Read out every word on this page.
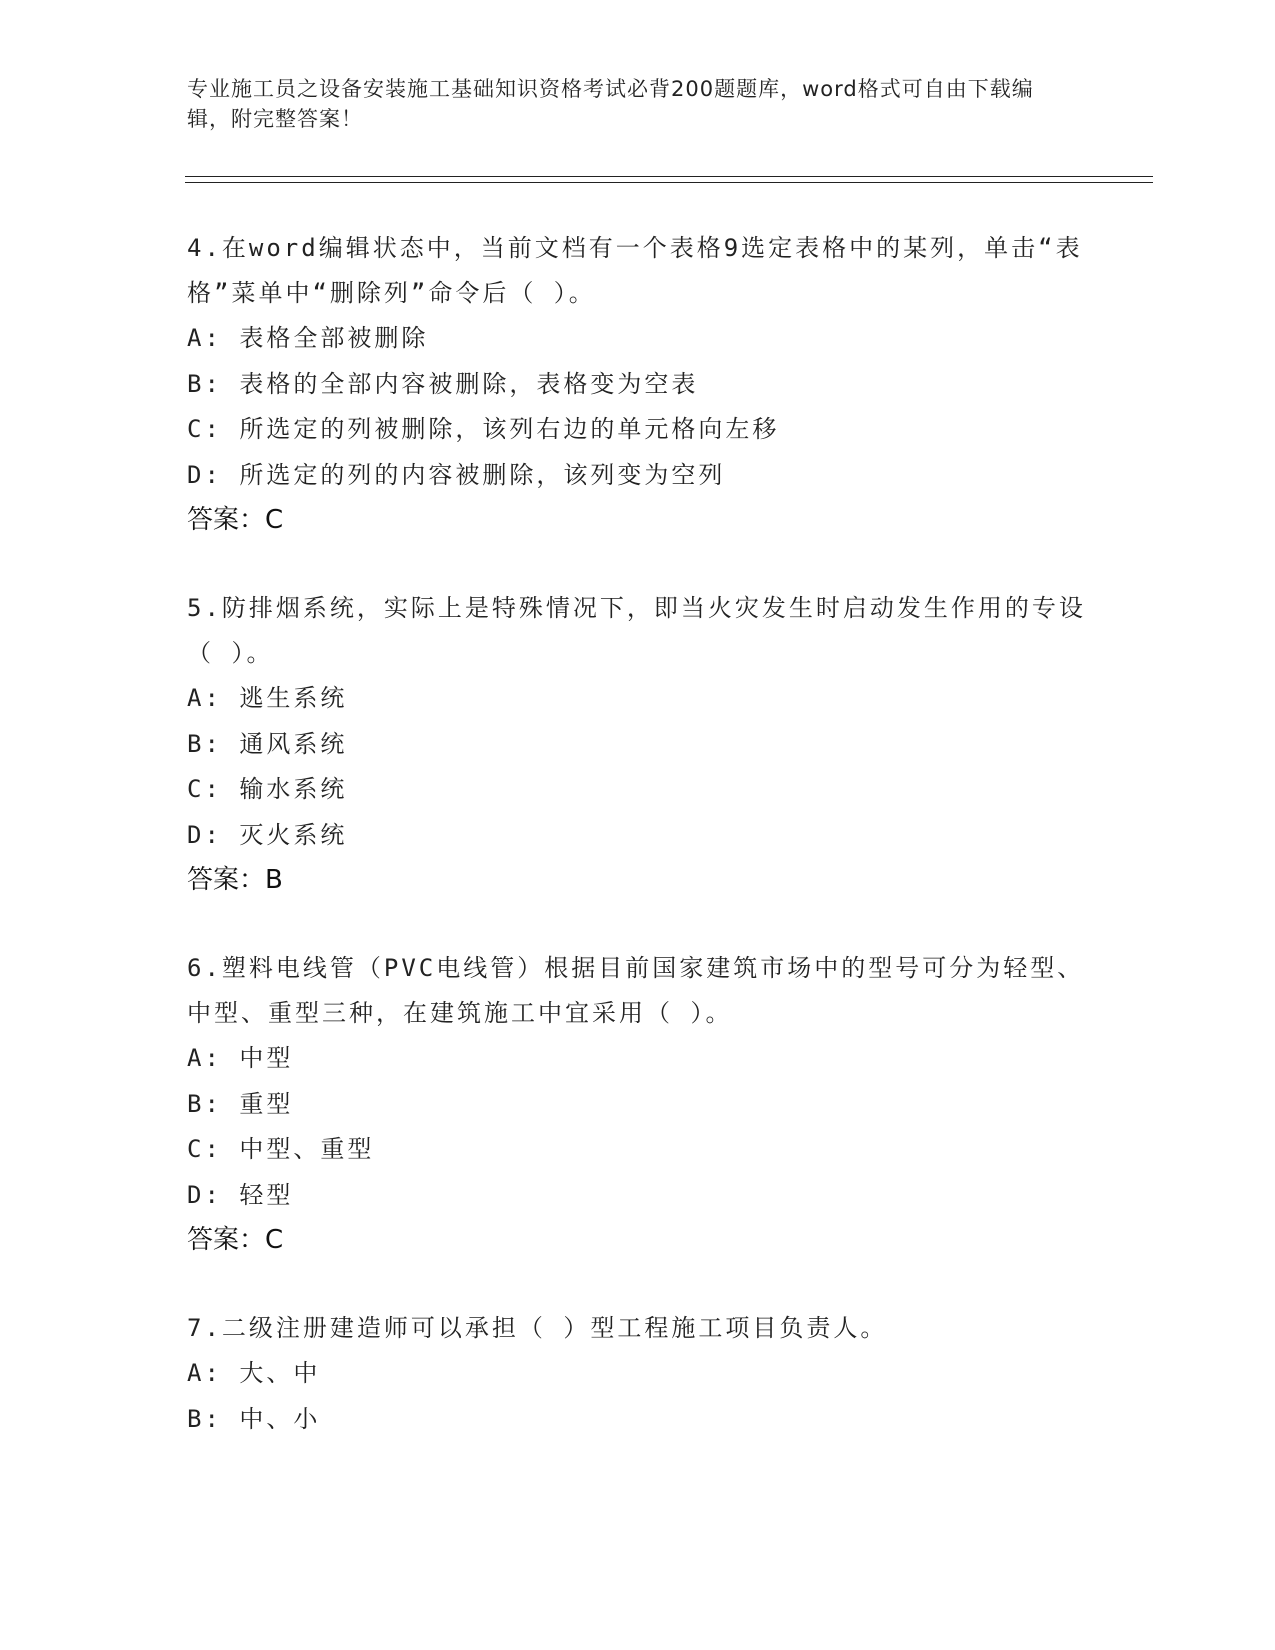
专业施工员之设备安装施工基础知识资格考试必背200题题库，word格式可自由下载编辑，附完整答案！

4.在word编辑状态中，当前文档有一个表格9选定表格中的某列，单击“表格”菜单中“删除列”命令后（ ）。

A: 表格全部被删除

B: 表格的全部内容被删除，表格变为空表

C: 所选定的列被删除，该列右边的单元格向左移

D: 所选定的列的内容被删除，该列变为空列

答案：C

5.防排烟系统，实际上是特殊情况下，即当火灾发生时启动发生作用的专设（ ）。

A: 逃生系统

B: 通风系统

C: 输水系统

D: 灭火系统

答案：B

6.塑料电线管（PVC电线管）根据目前国家建筑市场中的型号可分为轻型、中型、重型三种，在建筑施工中宜采用（ ）。

A: 中型

B: 重型

C: 中型、重型

D: 轻型

答案：C

7.二级注册建造师可以承担（ ）型工程施工项目负责人。

A: 大、中

B: 中、小
